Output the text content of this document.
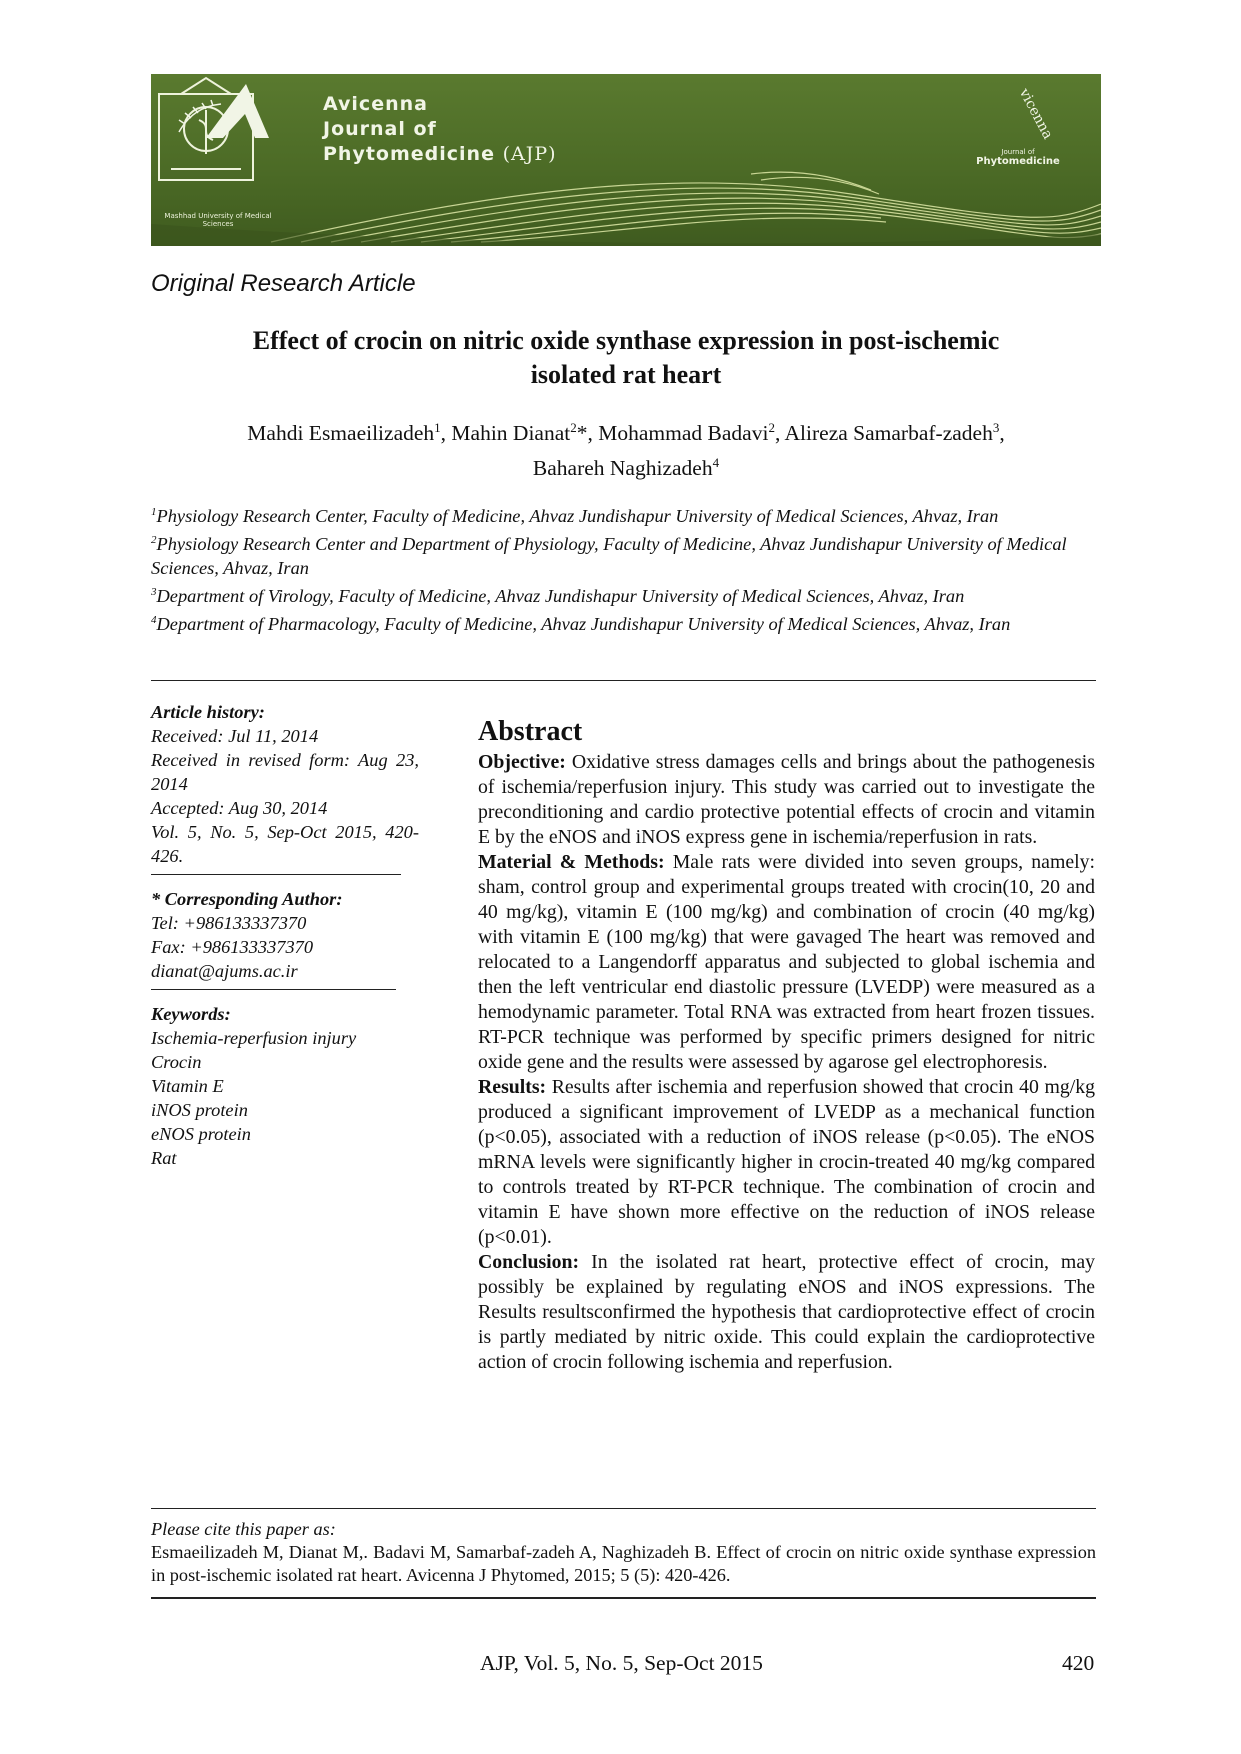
Mashhad University of Medical Sciences
Avicenna
Journal of
Phytomedicine (AJP)
vicenna
Journal of
Phytomedicine
Original Research Article
Effect of crocin on nitric oxide synthase expression in post-ischemic
isolated rat heart
Mahdi Esmaeilizadeh$^1$, Mahin Dianat$^2$*, Mohammad Badavi$^2$, Alireza Samarbaf-zadeh$^3$,
Bahareh Naghizadeh$^4$
$^1$Physiology Research Center, Faculty of Medicine, Ahvaz Jundishapur University of Medical Sciences, Ahvaz, Iran
$^2$Physiology Research Center and Department of Physiology, Faculty of Medicine, Ahvaz Jundishapur University of Medical Sciences, Ahvaz, Iran
$^3$Department of Virology, Faculty of Medicine, Ahvaz Jundishapur University of Medical Sciences, Ahvaz, Iran
$^4$Department of Pharmacology, Faculty of Medicine, Ahvaz Jundishapur University of Medical Sciences, Ahvaz, Iran
Article history:
Received: Jul 11, 2014
Received in revised form: Aug 23, 2014
Accepted: Aug 30, 2014
Vol. 5, No. 5, Sep-Oct 2015, 420-426.
* Corresponding Author:
Tel: +986133337370
Fax: +986133337370
dianat@ajums.ac.ir
Keywords:
Ischemia-reperfusion injury
Crocin
Vitamin E
iNOS protein
eNOS protein
Rat
Abstract

Objective: Oxidative stress damages cells and brings about the pathogenesis of ischemia/reperfusion injury. This study was carried out to investigate the preconditioning and cardio protective potential effects of crocin and vitamin E by the eNOS and iNOS express gene in ischemia/reperfusion in rats.

Material & Methods: Male rats were divided into seven groups, namely: sham, control group and experimental groups treated with crocin(10, 20 and 40 mg/kg), vitamin E (100 mg/kg) and combination of crocin (40 mg/kg) with vitamin E (100 mg/kg) that were gavaged The heart was removed and relocated to a Langendorff apparatus and subjected to global ischemia and then the left ventricular end diastolic pressure (LVEDP) were measured as a hemodynamic parameter. Total RNA was extracted from heart frozen tissues. RT-PCR technique was performed by specific primers designed for nitric oxide gene and the results were assessed by agarose gel electrophoresis.

Results: Results after ischemia and reperfusion showed that crocin 40 mg/kg produced a significant improvement of LVEDP as a mechanical function (p<0.05), associated with a reduction of iNOS release (p<0.05). The eNOS mRNA levels were significantly higher in crocin-treated 40 mg/kg compared to controls treated by RT-PCR technique. The combination of crocin and vitamin E have shown more effective on the reduction of iNOS release (p<0.01).

Conclusion: In the isolated rat heart, protective effect of crocin, may possibly be explained by regulating eNOS and iNOS expressions. The Results resultsconfirmed the hypothesis that cardioprotective effect of crocin is partly mediated by nitric oxide. This could explain the cardioprotective action of crocin following ischemia and reperfusion.

Please cite this paper as:
Esmaeilizadeh M, Dianat M,. Badavi M, Samarbaf-zadeh A, Naghizadeh B. Effect of crocin on nitric oxide synthase expression in post-ischemic isolated rat heart. Avicenna J Phytomed, 2015; 5 (5): 420-426.
AJP, Vol. 5, No. 5, Sep-Oct 2015	420
